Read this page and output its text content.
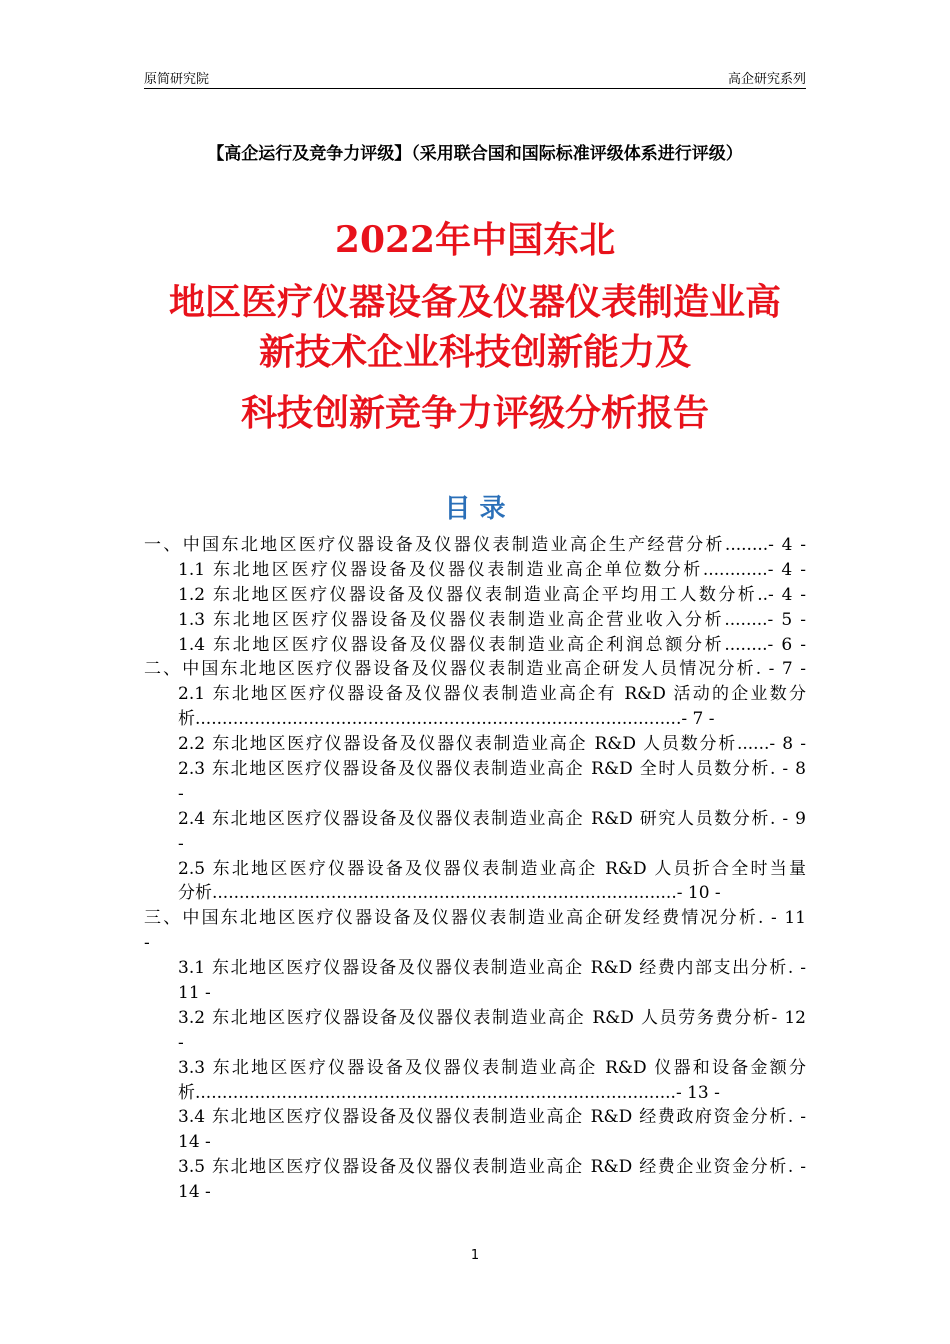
原简研究院	高企研究系列
【高企运行及竞争力评级】（采用联合国和国际标准评级体系进行评级）
2022年中国东北
地区医疗仪器设备及仪器仪表制造业高
新技术企业科技创新能力及
科技创新竞争力评级分析报告
目 录
一、中国东北地区医疗仪器设备及仪器仪表制造业高企生产经营分析........- 4 -
1.1 东北地区医疗仪器设备及仪器仪表制造业高企单位数分析............- 4 -
1.2 东北地区医疗仪器设备及仪器仪表制造业高企平均用工人数分析..- 4 -
1.3 东北地区医疗仪器设备及仪器仪表制造业高企营业收入分析........- 5 -
1.4 东北地区医疗仪器设备及仪器仪表制造业高企利润总额分析........- 6 -
二、中国东北地区医疗仪器设备及仪器仪表制造业高企研发人员情况分析. - 7 -
2.1 东北地区医疗仪器设备及仪器仪表制造业高企有 R&D 活动的企业数分
析..........................................................................................- 7 -
2.2 东北地区医疗仪器设备及仪器仪表制造业高企 R&D 人员数分析......- 8 -
2.3 东北地区医疗仪器设备及仪器仪表制造业高企 R&D 全时人员数分析. - 8
-
2.4 东北地区医疗仪器设备及仪器仪表制造业高企 R&D 研究人员数分析. - 9
-
2.5 东北地区医疗仪器设备及仪器仪表制造业高企 R&D 人员折合全时当量
分析......................................................................................- 10 -
三、中国东北地区医疗仪器设备及仪器仪表制造业高企研发经费情况分析. - 11
-
3.1 东北地区医疗仪器设备及仪器仪表制造业高企 R&D 经费内部支出分析. -
11 -
3.2 东北地区医疗仪器设备及仪器仪表制造业高企 R&D 人员劳务费分析- 12
-
3.3 东北地区医疗仪器设备及仪器仪表制造业高企 R&D 仪器和设备金额分
析.........................................................................................- 13 -
3.4 东北地区医疗仪器设备及仪器仪表制造业高企 R&D 经费政府资金分析. -
14 -
3.5 东北地区医疗仪器设备及仪器仪表制造业高企 R&D 经费企业资金分析. -
14 -
1
